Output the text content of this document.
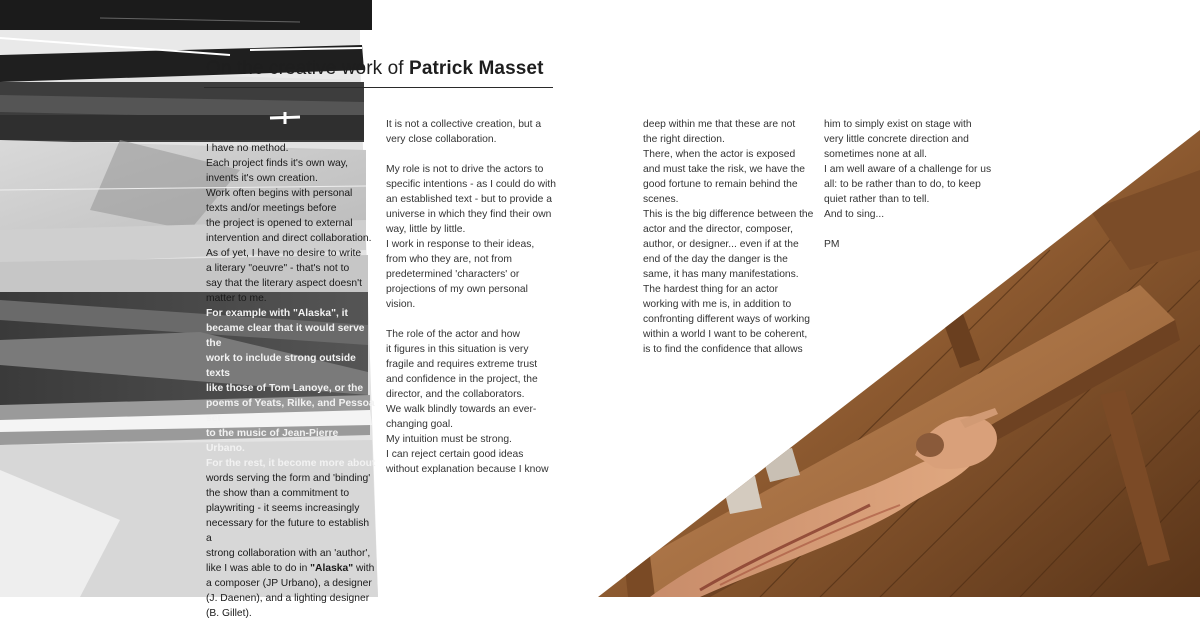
On the creative work of Patrick Masset

I have no method.

Each project finds it's own way,

invents it's own creation.

Work often begins with personal

texts and/or meetings before

the project is opened to external

intervention and direct collaboration.

As of yet, I have no desire to write

a literary "oeuvre" - that's not to

say that the literary aspect doesn't

matter to me.

For example with "Alaska", it

became clear that it would serve the

work to include strong outside texts

like those of Tom Lanoye, or the

poems of Yeats, Rilke, and Pessoa set

to the music of Jean-Pierre Urbano.

For the rest, it become more about

words serving the form and 'binding'

the show than a commitment to

playwriting - it seems increasingly

necessary for the future to establish a

strong collaboration with an 'author',

like I was able to do in "Alaska" with

a composer (JP Urbano), a designer

(J. Daenen), and a lighting designer

(B. Gillet).

It is not a collective creation, but a

very close collaboration.

My role is not to drive the actors to

specific intentions - as I could do with

an established text - but to provide a

universe in which they find their own

way, little by little.

I work in response to their ideas,

from who they are, not from

predetermined 'characters' or

projections of my own personal

vision.

The role of the actor and how

it figures in this situation is very

fragile and requires extreme trust

and confidence in the project, the

director, and the collaborators.

We walk blindly towards an ever-

changing goal.

My intuition must be strong.

I can reject certain good ideas

without explanation because I know

deep within me that these are not

the right direction.

There, when the actor is exposed

and must take the risk, we have the

good fortune to remain behind the

scenes.

This is the big difference between the

actor and the director, composer,

author, or designer... even if at the

end of the day the danger is the

same, it has many manifestations.

The hardest thing for an actor

working with me is, in addition to

confronting different ways of working

within a world I want to be coherent,

is to find the confidence that allows

him to simply exist on stage with

very little concrete direction and

sometimes none at all.

I am well aware of a challenge for us

all: to be rather than to do, to keep

quiet rather than to tell.

And to sing...

PM
